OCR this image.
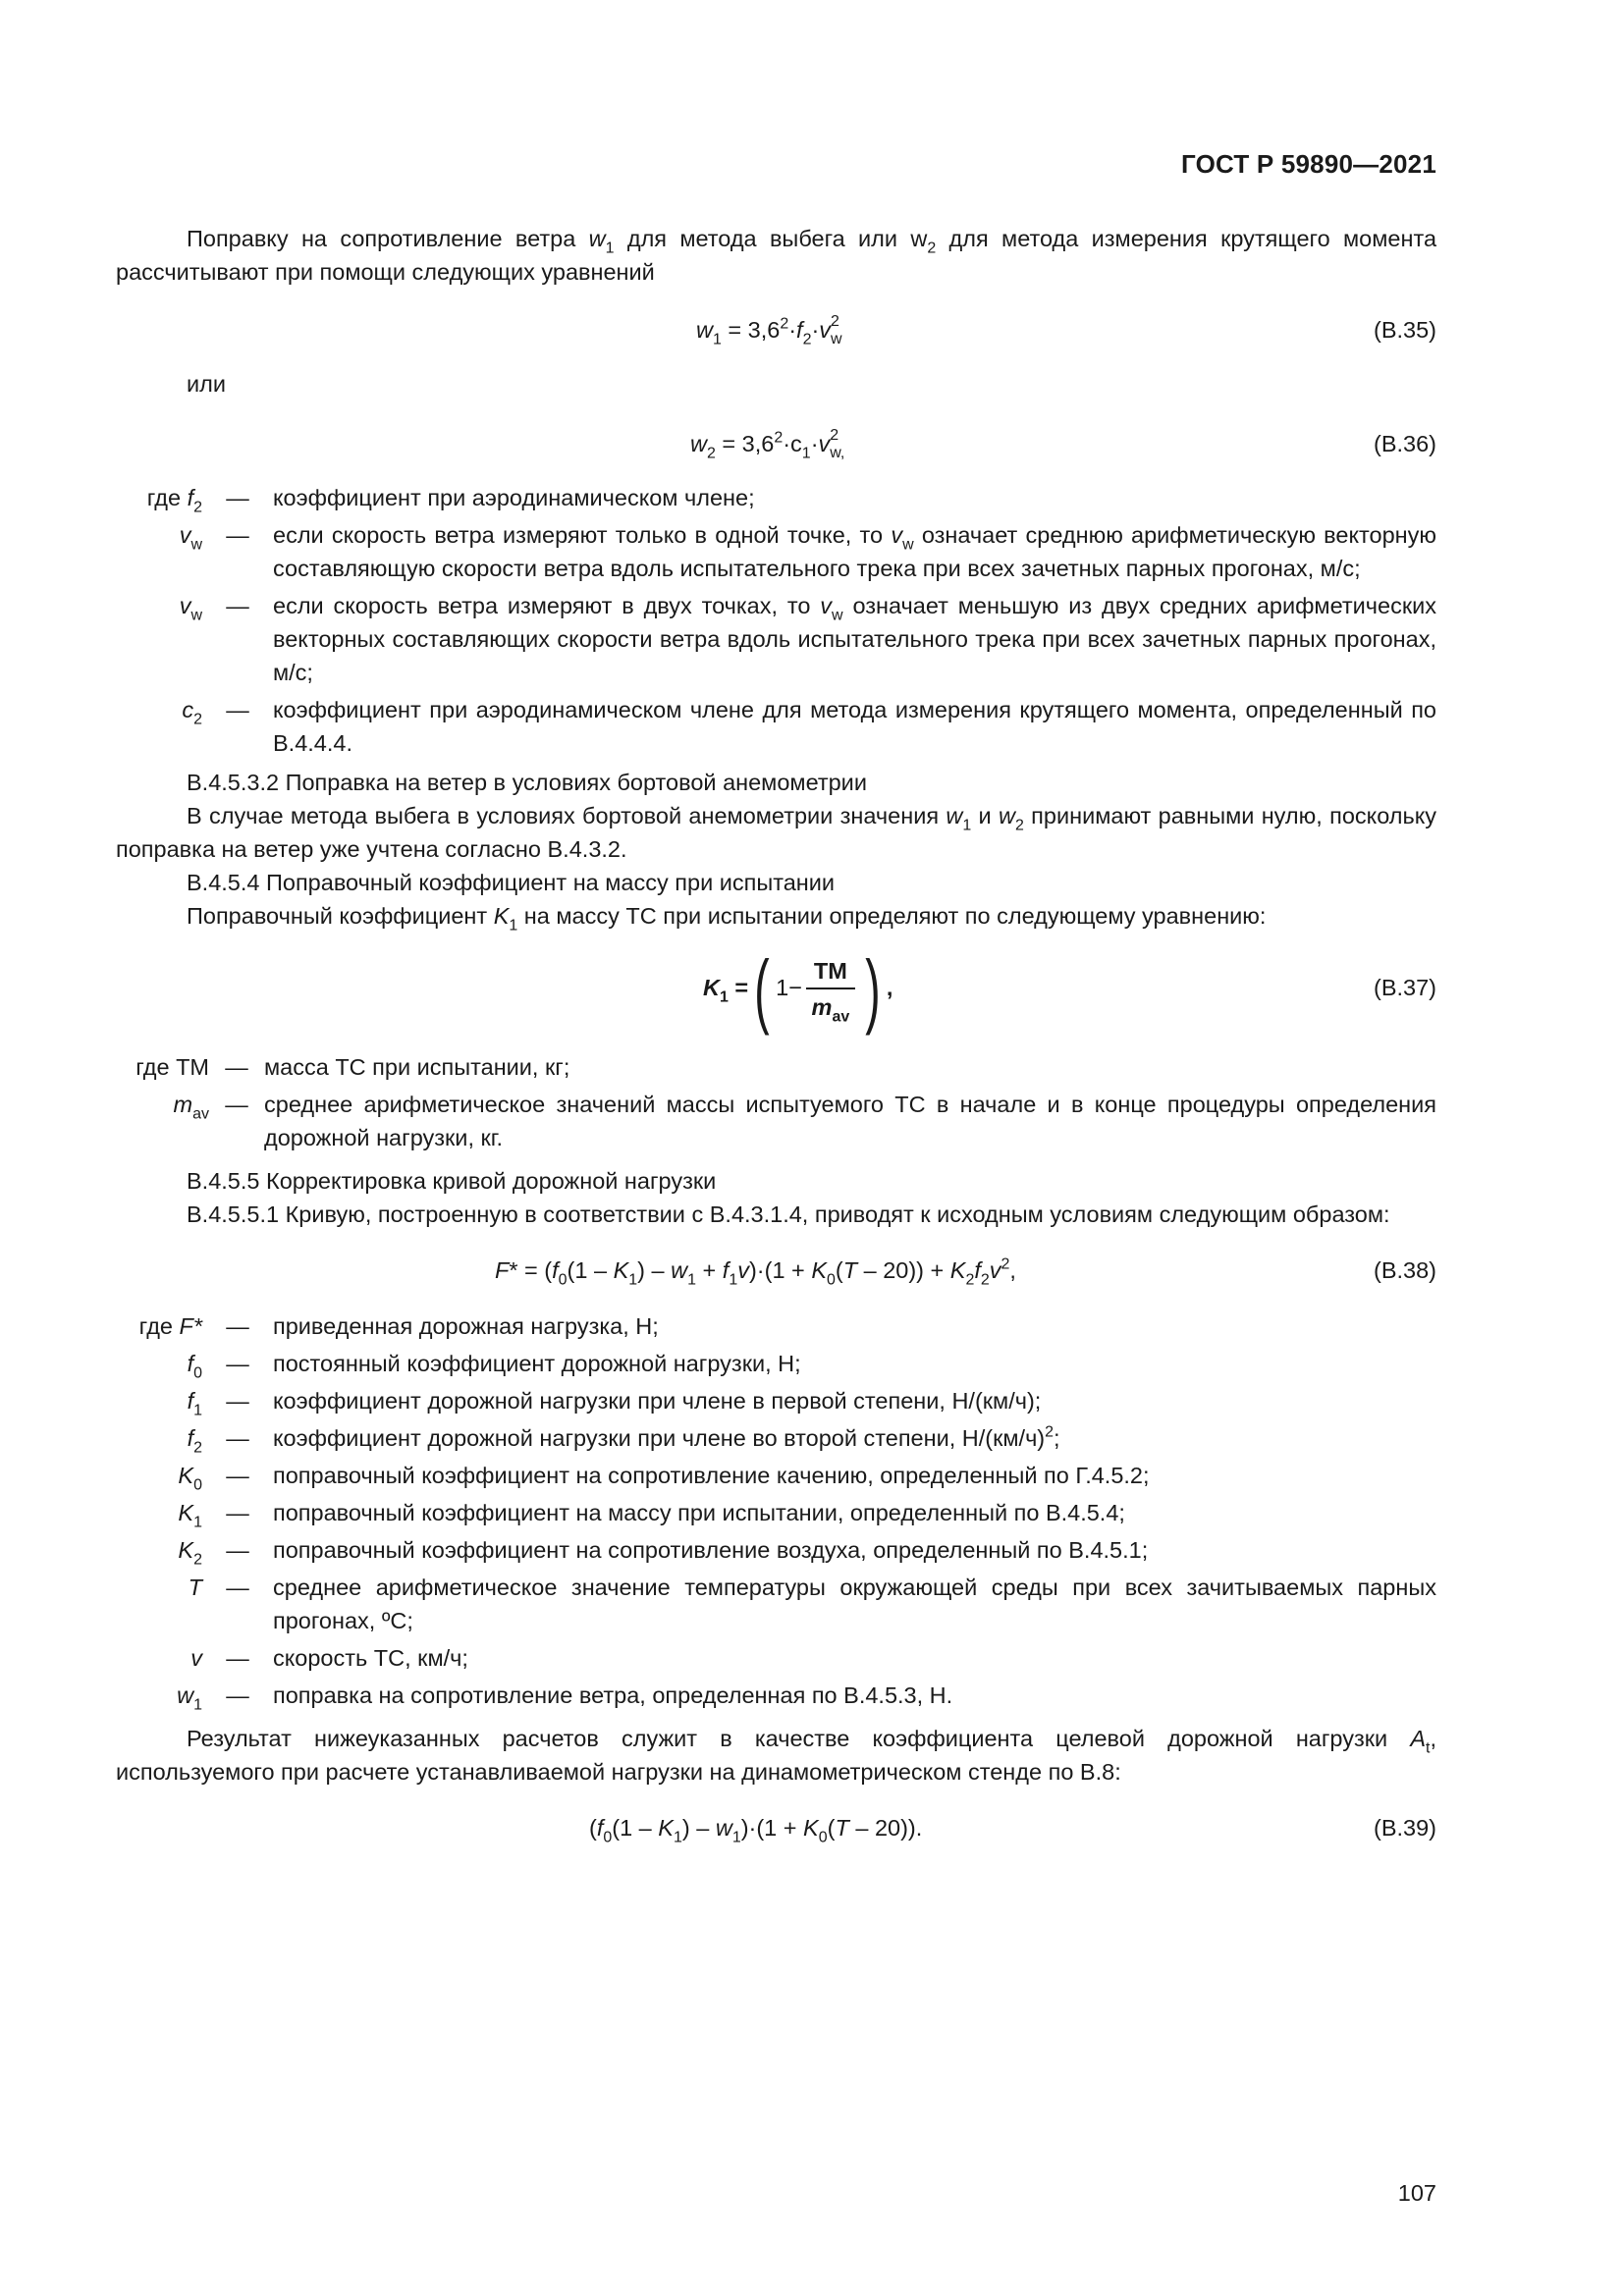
ГОСТ Р 59890—2021

Поправку на сопротивление ветра $w_1$ для метода выбега или $w_2$ для метода измерения крутящего момента рассчитывают при помощи следующих уравнений

$w_1 = 3,6^2\cdot f_2\cdot v$ 2
w	(В.35)

или

$w_2 = 3,6^2\cdot c_1\cdot v$ 2
w,	(В.36)
где $f_2$	—	коэффициент при аэродинамическом члене;
$v_w$	—	если скорость ветра измеряют только в одной точке, то $v_w$ означает среднюю арифметическую векторную составляющую скорости ветра вдоль испытательного трека при всех зачетных парных прогонах, м/с;
$v_w$	—	если скорость ветра измеряют в двух точках, то $v_w$ означает меньшую из двух средних арифметических векторных составляющих скорости ветра вдоль испытательного трека при всех зачетных парных прогонах, м/с;
$c_2$	—	коэффициент при аэродинамическом члене для метода измерения крутящего момента, определенный по В.4.4.4.

В.4.5.3.2 Поправка на ветер в условиях бортовой анемометрии

В случае метода выбега в условиях бортовой анемометрии значения $w_1$ и $w_2$ принимают равными нулю, поскольку поправка на ветер уже учтена согласно В.4.3.2.

В.4.5.4 Поправочный коэффициент на массу при испытании

Поправочный коэффициент $K_1$ на массу ТС при испытании определяют по следующему уравнению:

$K_1$ =( $1- \frac{ТМ}{m_{av}}$ ) ,	(В.37)
где ТМ — масса ТС при испытании, кг;
$m_{av}$ — среднее арифметическое значений массы испытуемого ТС в начале и в конце процедуры определения дорожной нагрузки, кг.

В.4.5.5 Корректировка кривой дорожной нагрузки

В.4.5.5.1 Кривую, построенную в соответствии с В.4.3.1.4, приводят к исходным условиям следующим образом:

$F* = (f_0(1 - K_1) - w_1 + f_1v)\cdot(1 + K_0(T - 20)) + K_2f_2v^2$,	(В.38)
где F*	—	приведенная дорожная нагрузка, Н;
$f_0$	—	постоянный коэффициент дорожной нагрузки, Н;
$f_1$	—	коэффициент дорожной нагрузки при члене в первой степени, Н/(км/ч);
$f_2$	—	коэффициент дорожной нагрузки при члене во второй степени, $Н/(км/ч)^2$;
$K_0$	—	поправочный коэффициент на сопротивление качению, определенный по Г.4.5.2;
$K_1$	—	поправочный коэффициент на массу при испытании, определенный по В.4.5.4;
$K_2$	—	поправочный коэффициент на сопротивление воздуха, определенный по В.4.5.1;
T	—	среднее арифметическое значение температуры окружающей среды при всех зачитываемых парных прогонах, ºС;
v	—	скорость ТС, км/ч;
$w_1$	—	поправка на сопротивление ветра, определенная по В.4.5.3, Н.

Результат нижеуказанных расчетов служит в качестве коэффициента целевой дорожной нагрузки $A_t$, используемого при расчете устанавливаемой нагрузки на динамометрическом стенде по В.8:

$(f_0(1 - K_1) - w_1)\cdot(1 + K_0(T - 20))$.	(В.39)
107
